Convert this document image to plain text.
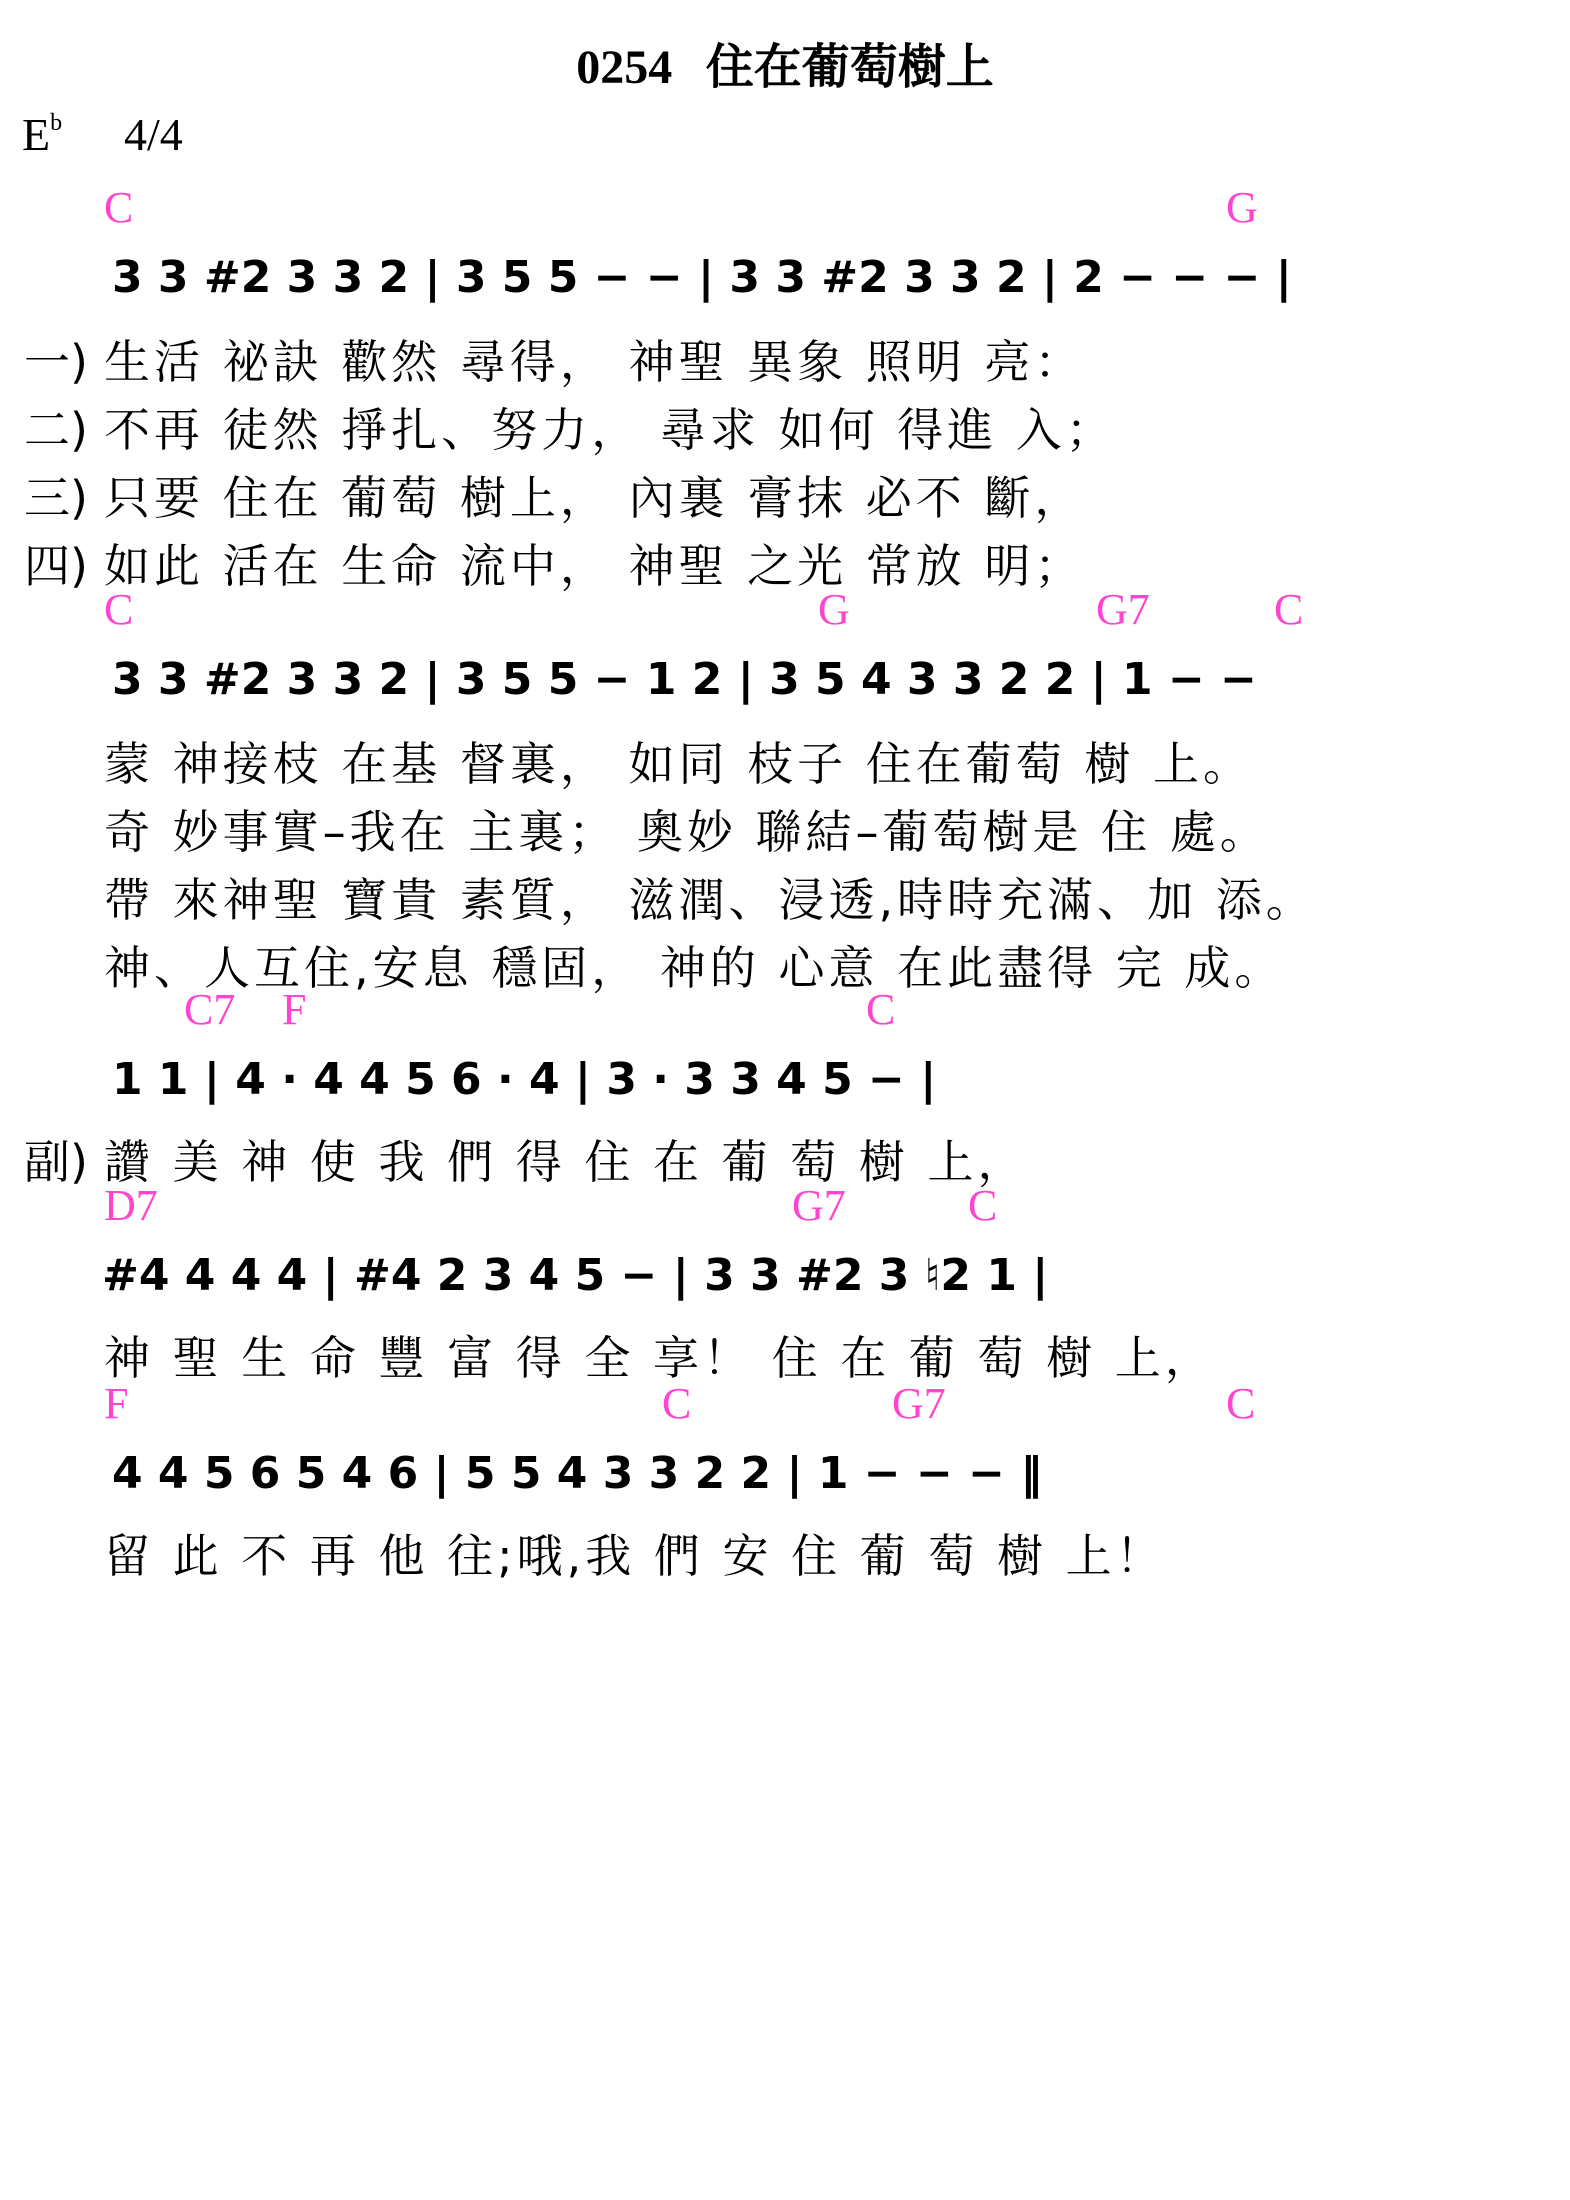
0254 住在葡萄樹上
$E^b$ 4/4
C	G
3 3 #2 3 3 2 | 3 5 5 − − | 3 3 #2 3 3 2 | 2 − − − |
一) 生活 祕訣 歡然 尋得， 神聖 異象 照明 亮：
二) 不再 徒然 掙扎、努力， 尋求 如何 得進 入；
三) 只要 住在 葡萄 樹上， 內裏 膏抹 必不 斷，
四) 如此 活在 生命 流中， 神聖 之光 常放 明；
C	G	G7	C
3 3 #2 3 3 2 | 3 5 5 − 1 2 | 3 5 4 3 3 2 2 | 1 − −
蒙 神接枝 在基 督裏， 如同 枝子 住在葡萄 樹 上。
奇 妙事實–我在 主裏； 奧妙 聯結–葡萄樹是 住 處。
帶 來神聖 寶貴 素質， 滋潤、浸透,時時充滿、加 添。
神、人互住,安息 穩固， 神的 心意 在此盡得 完 成。
C7 F	C
1 1 | 4 · 4 4 5 6 · 4 | 3 · 3 3 4 5 − |
副) 讚 美 神 使 我 們 得 住 在 葡 萄 樹 上，
D7	G7	C
#4 4 4 4 | #4 2 3 4 5 − | 3 3 #2 3 ♮2 1 |
神 聖 生 命 豐 富 得 全 享！ 住 在 葡 萄 樹 上，
F	C	G7	C
4 4 5 6 5 4 6 | 5 5 4 3 3 2 2 | 1 − − − ‖
留 此 不 再 他 往;哦,我 們 安 住 葡 萄 樹 上！
